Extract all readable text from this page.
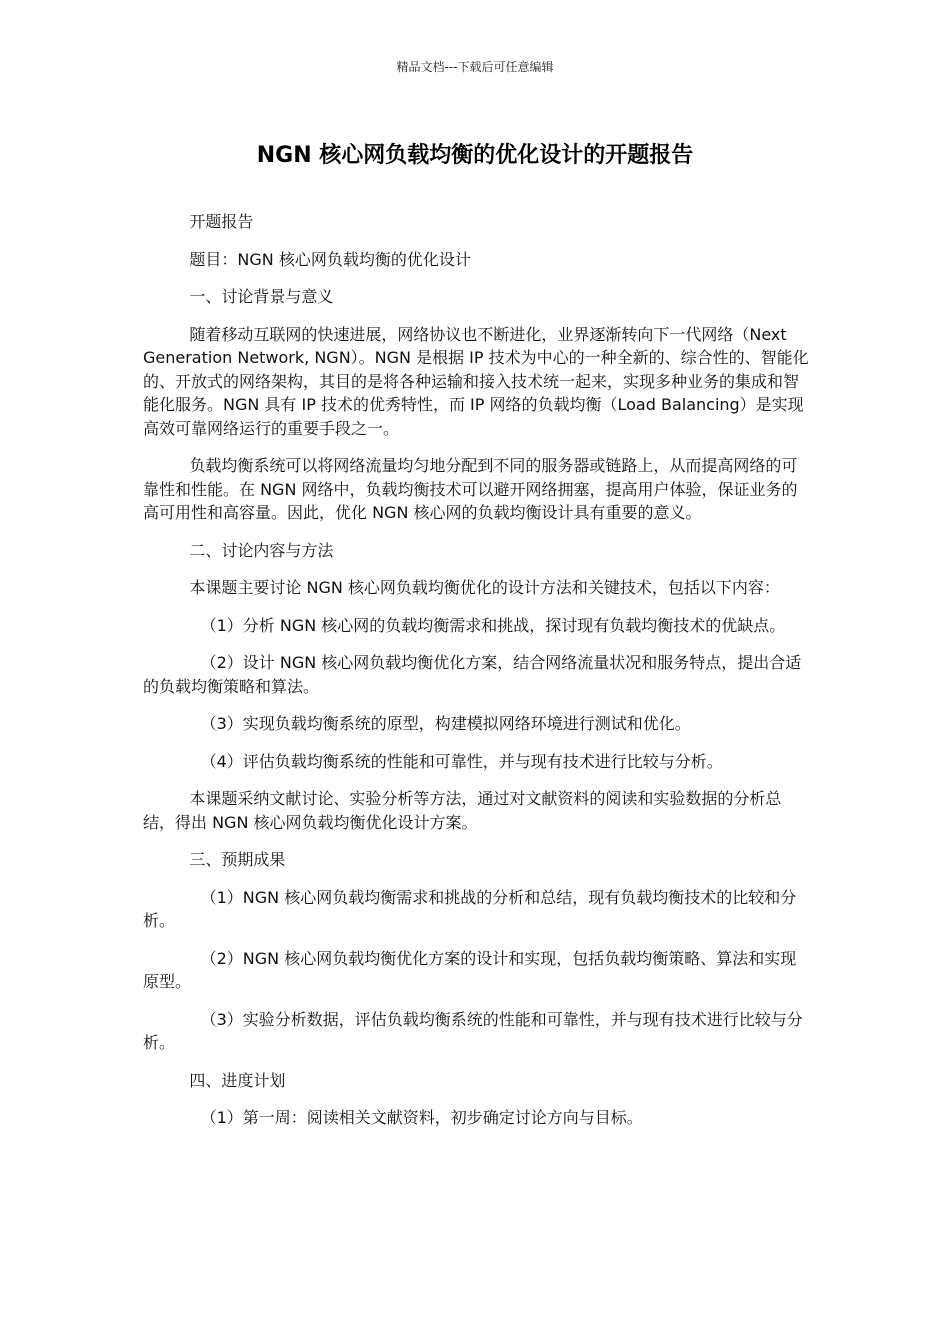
精品文档---下载后可任意编辑
NGN 核心网负载均衡的优化设计的开题报告

开题报告

题目：NGN 核心网负载均衡的优化设计

一、讨论背景与意义

随着移动互联网的快速进展，网络协议也不断进化，业界逐渐转向下一代网络（Next Generation Network, NGN）。NGN 是根据 IP 技术为中心的一种全新的、综合性的、智能化的、开放式的网络架构，其目的是将各种运输和接入技术统一起来，实现多种业务的集成和智能化服务。NGN 具有 IP 技术的优秀特性，而 IP 网络的负载均衡（Load Balancing）是实现高效可靠网络运行的重要手段之一。

负载均衡系统可以将网络流量均匀地分配到不同的服务器或链路上，从而提高网络的可靠性和性能。在 NGN 网络中，负载均衡技术可以避开网络拥塞，提高用户体验，保证业务的高可用性和高容量。因此，优化 NGN 核心网的负载均衡设计具有重要的意义。

二、讨论内容与方法

本课题主要讨论 NGN 核心网负载均衡优化的设计方法和关键技术，包括以下内容：

（1）分析 NGN 核心网的负载均衡需求和挑战，探讨现有负载均衡技术的优缺点。

（2）设计 NGN 核心网负载均衡优化方案，结合网络流量状况和服务特点，提出合适的负载均衡策略和算法。

（3）实现负载均衡系统的原型，构建模拟网络环境进行测试和优化。

（4）评估负载均衡系统的性能和可靠性，并与现有技术进行比较与分析。

本课题采纳文献讨论、实验分析等方法，通过对文献资料的阅读和实验数据的分析总结，得出 NGN 核心网负载均衡优化设计方案。

三、预期成果

（1）NGN 核心网负载均衡需求和挑战的分析和总结，现有负载均衡技术的比较和分析。

（2）NGN 核心网负载均衡优化方案的设计和实现，包括负载均衡策略、算法和实现原型。

（3）实验分析数据，评估负载均衡系统的性能和可靠性，并与现有技术进行比较与分析。

四、进度计划

（1）第一周：阅读相关文献资料，初步确定讨论方向与目标。
